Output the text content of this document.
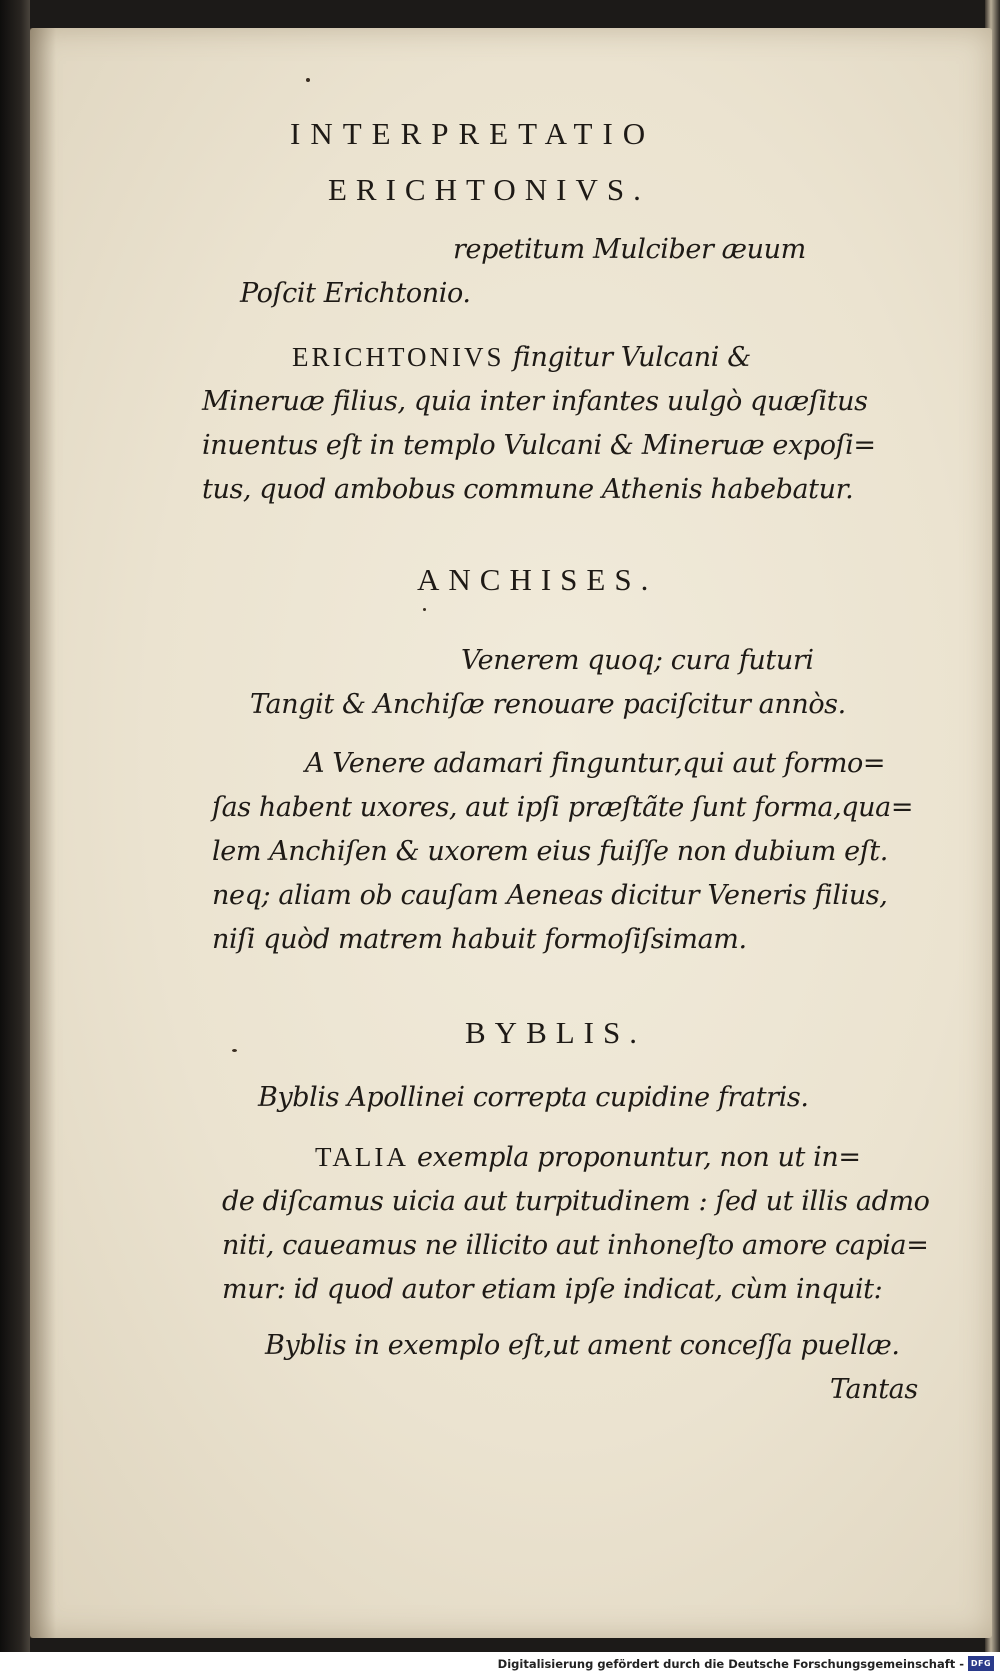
INTERPRETATIO
ERICHTONIVS.
repetitum Mulciber æuum
Poſcit Erichtonio.
ERICHTONIVS fingitur Vulcani &
Mineruæ filius, quia inter infantes uulgò quæſitus
inuentus eſt in templo Vulcani & Mineruæ expoſi=
tus, quod ambobus commune Athenis habebatur.
ANCHISES.
Venerem quoq; cura futuri
Tangit & Anchiſæ renouare paciſcitur annòs.
A Venere adamari finguntur,qui aut formo=
ſas habent uxores, aut ipſi præſtãte ſunt forma,qua=
lem Anchiſen & uxorem eius fuiſſe non dubium eſt.
neq; aliam ob cauſam Aeneas dicitur Veneris filius,
niſi quòd matrem habuit formoſiſsimam.
BYBLIS.
Byblis Apollinei correpta cupidine fratris.
TALIA exempla proponuntur, non ut in=
de diſcamus uicia aut turpitudinem : ſed ut illis admo
niti, caueamus ne illicito aut inhoneſto amore capia=
mur: id quod autor etiam ipſe indicat, cùm inquit:
Byblis in exemplo eſt,ut ament conceſſa puellæ.
Tantas
Digitalisierung gefördert durch die Deutsche Forschungsgemeinschaft - DFG
